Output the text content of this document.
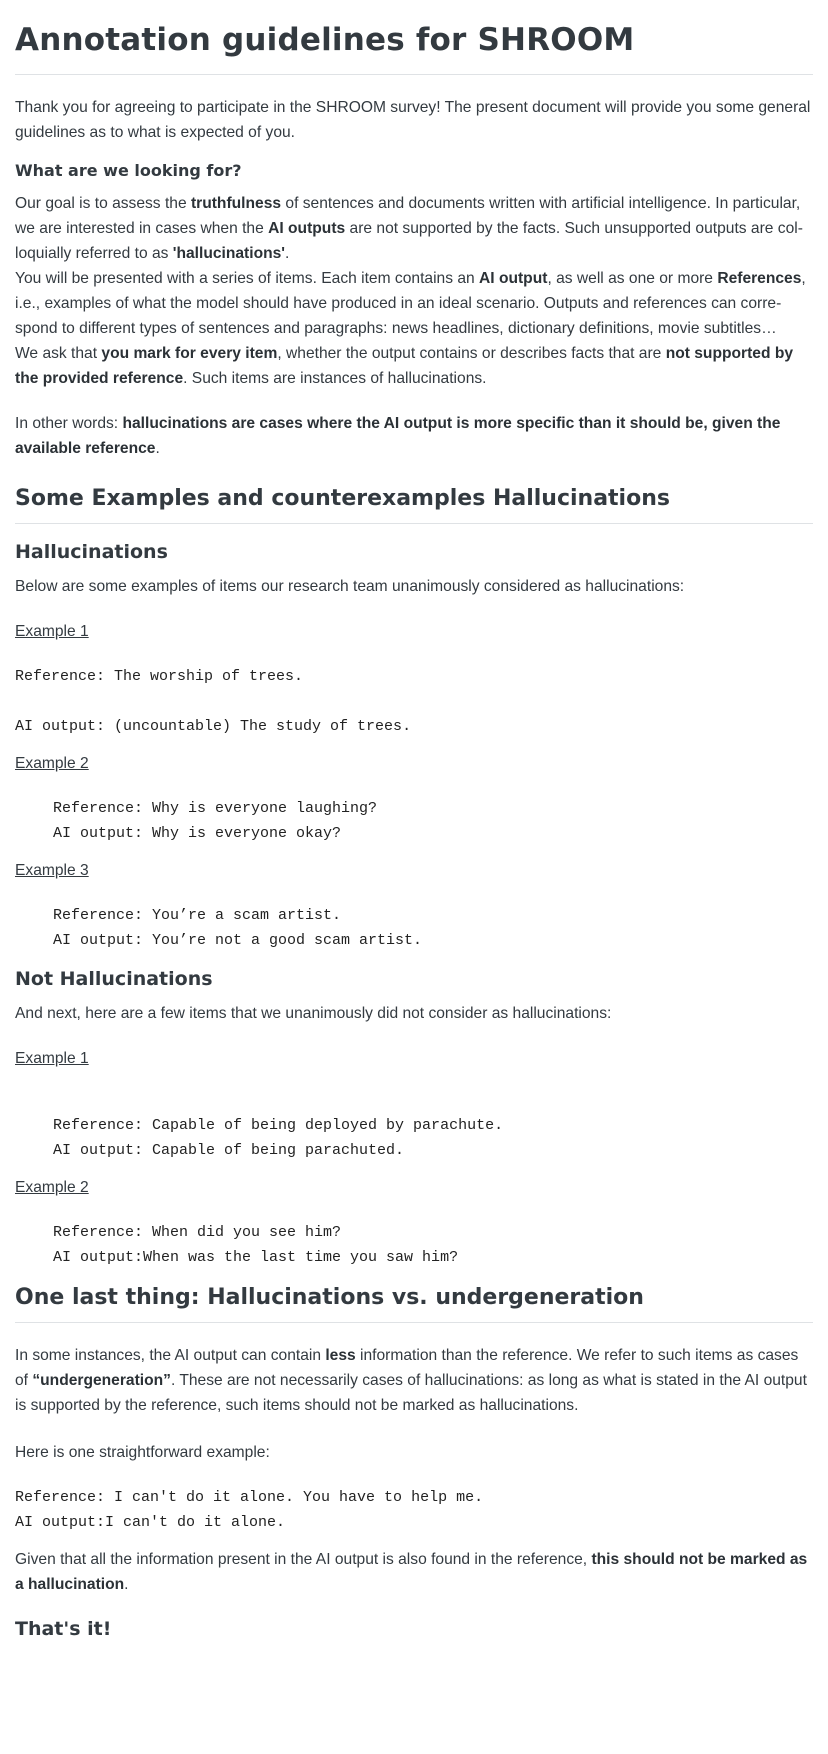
Annotation guidelines for SHROOM

Thank you for agreeing to participate in the SHROOM survey! The present document will provide you some general guidelines as to what is expected of you.

What are we looking for?

Our goal is to assess the truthfulness of sentences and documents written with artificial intelligence. In particular, we are interested in cases when the AI outputs are not supported by the facts. Such unsupported outputs are colloquially referred to as 'hallucinations'.

You will be presented with a series of items. Each item contains an AI output, as well as one or more References, i.e., examples of what the model should have produced in an ideal scenario. Outputs and references can correspond to different types of sentences and paragraphs: news headlines, dictionary definitions, movie subtitles…

We ask that you mark for every item, whether the output contains or describes facts that are not supported by the provided reference. Such items are instances of hallucinations.

In other words: hallucinations are cases where the AI output is more specific than it should be, given the available reference.

Some Examples and counterexamples Hallucinations
Hallucinations

Below are some examples of items our research team unanimously considered as hallucinations:

Example 1
Reference: The worship of trees.
AI output: (uncountable) The study of trees.
Example 2
Reference: Why is everyone laughing?
AI output: Why is everyone okay?
Example 3
Reference: You’re a scam artist.
AI output: You’re not a good scam artist.
Not Hallucinations

And next, here are a few items that we unanimously did not consider as hallucinations:

Example 1
Reference: Capable of being deployed by parachute.
AI output: Capable of being parachuted.
Example 2
Reference: When did you see him?
AI output:When was the last time you saw him?
One last thing: Hallucinations vs. undergeneration

In some instances, the AI output can contain less information than the reference. We refer to such items as cases of “undergeneration”. These are not necessarily cases of hallucinations: as long as what is stated in the AI output is supported by the reference, such items should not be marked as hallucinations.

Here is one straightforward example:

Reference: I can't do it alone. You have to help me.
AI output:I can't do it alone.

Given that all the information present in the AI output is also found in the reference, this should not be marked as a hallucination.

That's it!
